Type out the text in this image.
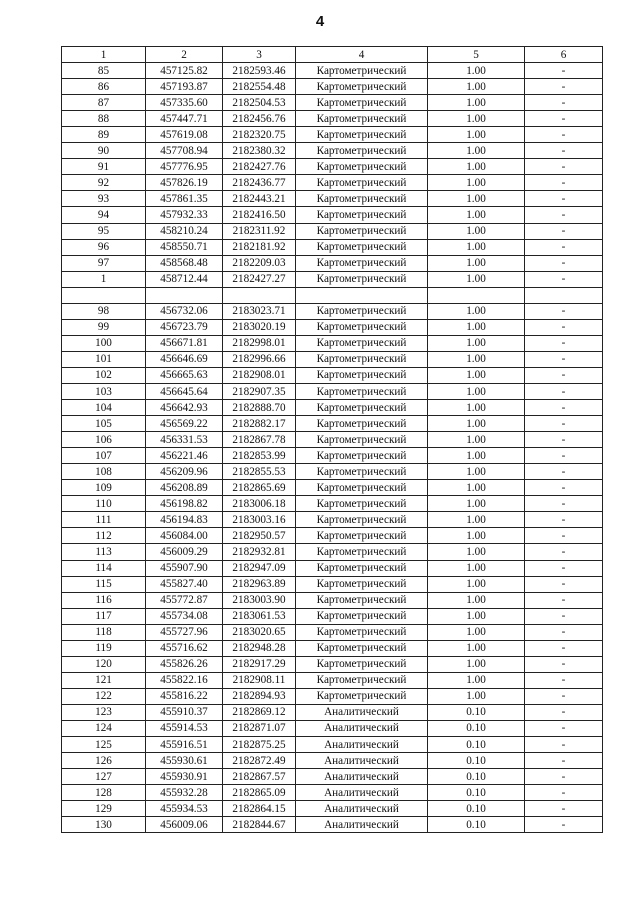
4
1	2	3	4	5	6
85	457125.82	2182593.46	Картометрический	1.00	-
86	457193.87	2182554.48	Картометрический	1.00	-
87	457335.60	2182504.53	Картометрический	1.00	-
88	457447.71	2182456.76	Картометрический	1.00	-
89	457619.08	2182320.75	Картометрический	1.00	-
90	457708.94	2182380.32	Картометрический	1.00	-
91	457776.95	2182427.76	Картометрический	1.00	-
92	457826.19	2182436.77	Картометрический	1.00	-
93	457861.35	2182443.21	Картометрический	1.00	-
94	457932.33	2182416.50	Картометрический	1.00	-
95	458210.24	2182311.92	Картометрический	1.00	-
96	458550.71	2182181.92	Картометрический	1.00	-
97	458568.48	2182209.03	Картометрический	1.00	-
1	458712.44	2182427.27	Картометрический	1.00	-

98	456732.06	2183023.71	Картометрический	1.00	-
99	456723.79	2183020.19	Картометрический	1.00	-
100	456671.81	2182998.01	Картометрический	1.00	-
101	456646.69	2182996.66	Картометрический	1.00	-
102	456665.63	2182908.01	Картометрический	1.00	-
103	456645.64	2182907.35	Картометрический	1.00	-
104	456642.93	2182888.70	Картометрический	1.00	-
105	456569.22	2182882.17	Картометрический	1.00	-
106	456331.53	2182867.78	Картометрический	1.00	-
107	456221.46	2182853.99	Картометрический	1.00	-
108	456209.96	2182855.53	Картометрический	1.00	-
109	456208.89	2182865.69	Картометрический	1.00	-
110	456198.82	2183006.18	Картометрический	1.00	-
111	456194.83	2183003.16	Картометрический	1.00	-
112	456084.00	2182950.57	Картометрический	1.00	-
113	456009.29	2182932.81	Картометрический	1.00	-
114	455907.90	2182947.09	Картометрический	1.00	-
115	455827.40	2182963.89	Картометрический	1.00	-
116	455772.87	2183003.90	Картометрический	1.00	-
117	455734.08	2183061.53	Картометрический	1.00	-
118	455727.96	2183020.65	Картометрический	1.00	-
119	455716.62	2182948.28	Картометрический	1.00	-
120	455826.26	2182917.29	Картометрический	1.00	-
121	455822.16	2182908.11	Картометрический	1.00	-
122	455816.22	2182894.93	Картометрический	1.00	-
123	455910.37	2182869.12	Аналитический	0.10	-
124	455914.53	2182871.07	Аналитический	0.10	-
125	455916.51	2182875.25	Аналитический	0.10	-
126	455930.61	2182872.49	Аналитический	0.10	-
127	455930.91	2182867.57	Аналитический	0.10	-
128	455932.28	2182865.09	Аналитический	0.10	-
129	455934.53	2182864.15	Аналитический	0.10	-
130	456009.06	2182844.67	Аналитический	0.10	-
